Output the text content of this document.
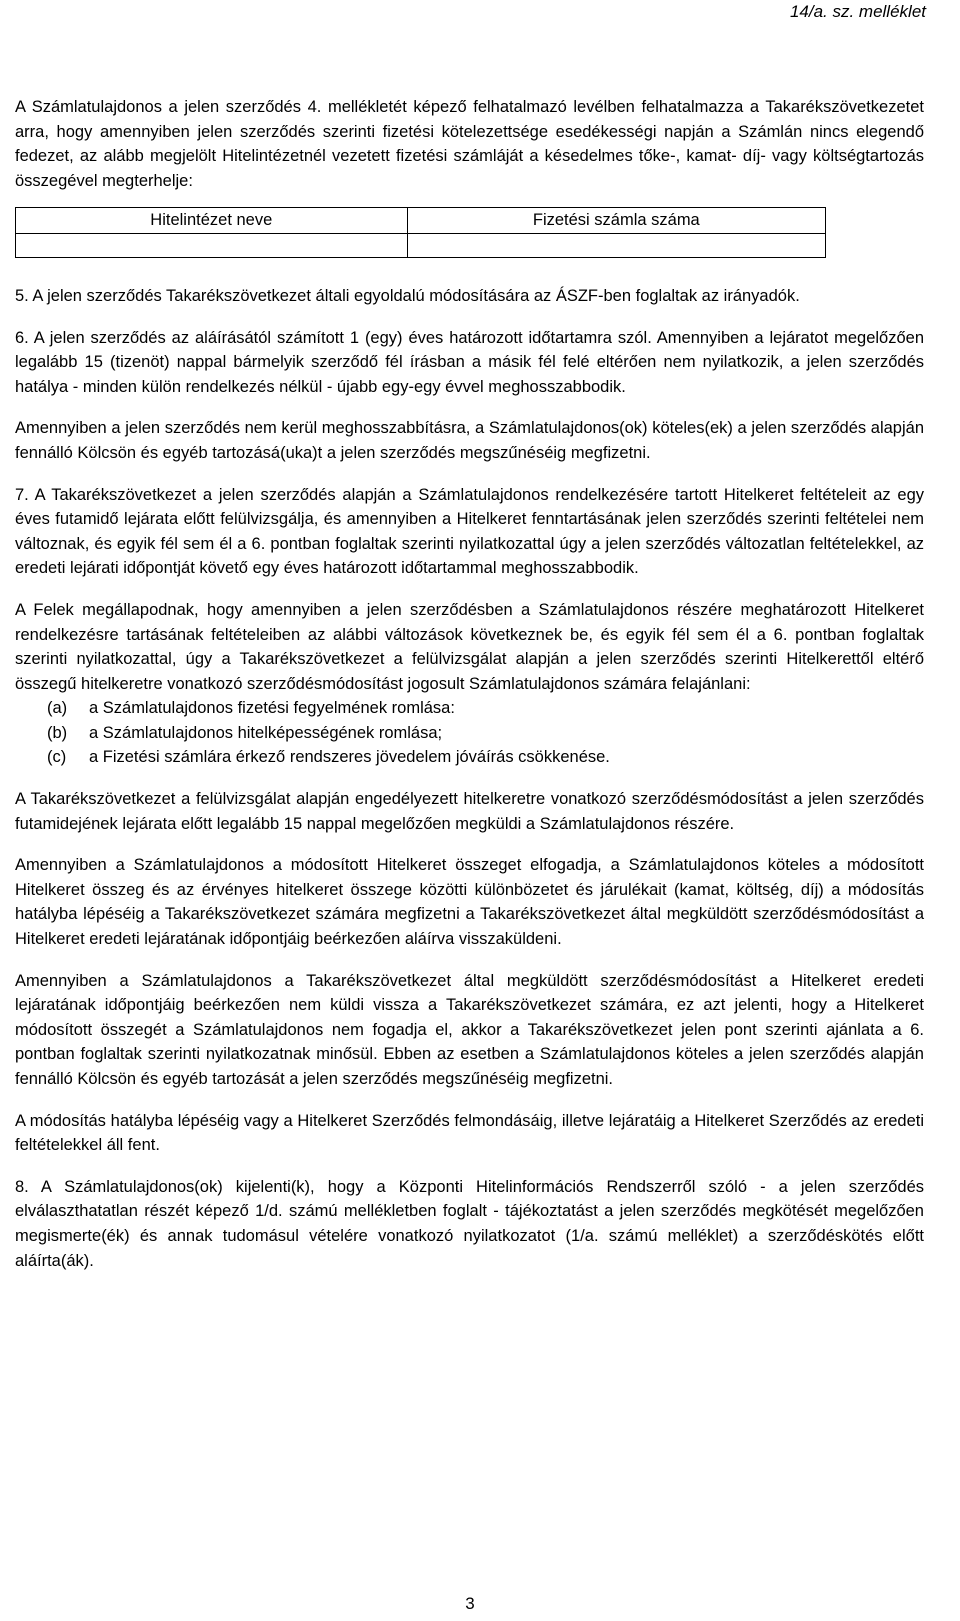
14/a. sz. melléklet

A Számlatulajdonos a jelen szerződés 4. mellékletét képező felhatalmazó levélben felhatalmazza a Takarékszövetkezetet arra, hogy amennyiben jelen szerződés szerinti fizetési kötelezettsége esedékességi napján a Számlán nincs elegendő fedezet, az alább megjelölt Hitelintézetnél vezetett fizetési számláját a késedelmes tőke-, kamat- díj- vagy költségtartozás összegével megterhelje:

Hitelintézet neve	Fizetési számla száma

5. A jelen szerződés Takarékszövetkezet általi egyoldalú módosítására az ÁSZF-ben foglaltak az irányadók.

6. A jelen szerződés az aláírásától számított 1 (egy) éves határozott időtartamra szól. Amennyiben a lejáratot megelőzően legalább 15 (tizenöt) nappal bármelyik szerződő fél írásban a másik fél felé eltérően nem nyilatkozik, a jelen szerződés hatálya - minden külön rendelkezés nélkül - újabb egy-egy évvel meghosszabbodik.

Amennyiben a jelen szerződés nem kerül meghosszabbításra, a Számlatulajdonos(ok) köteles(ek) a jelen szerződés alapján fennálló Kölcsön és egyéb tartozásá(uka)t a jelen szerződés megszűnéséig megfizetni.

7. A Takarékszövetkezet a jelen szerződés alapján a Számlatulajdonos rendelkezésére tartott Hitelkeret feltételeit az egy éves futamidő lejárata előtt felülvizsgálja, és amennyiben a Hitelkeret fenntartásának jelen szerződés szerinti feltételei nem változnak, és egyik fél sem él a 6. pontban foglaltak szerinti nyilatkozattal úgy a jelen szerződés változatlan feltételekkel, az eredeti lejárati időpontját követő egy éves határozott időtartammal meghosszabbodik.

A Felek megállapodnak, hogy amennyiben a jelen szerződésben a Számlatulajdonos részére meghatározott Hitelkeret rendelkezésre tartásának feltételeiben az alábbi változások következnek be, és egyik fél sem él a 6. pontban foglaltak szerinti nyilatkozattal, úgy a Takarékszövetkezet a felülvizsgálat alapján a jelen szerződés szerinti Hitelkerettől eltérő összegű hitelkeretre vonatkozó szerződésmódosítást jogosult Számlatulajdonos számára felajánlani:

(a) a Számlatulajdonos fizetési fegyelmének romlása:
(b) a Számlatulajdonos hitelképességének romlása;
(c) a Fizetési számlára érkező rendszeres jövedelem jóváírás csökkenése.

A Takarékszövetkezet a felülvizsgálat alapján engedélyezett hitelkeretre vonatkozó szerződésmódosítást a jelen szerződés futamidejének lejárata előtt legalább 15 nappal megelőzően megküldi a Számlatulajdonos részére.

Amennyiben a Számlatulajdonos a módosított Hitelkeret összeget elfogadja, a Számlatulajdonos köteles a módosított Hitelkeret összeg és az érvényes hitelkeret összege közötti különbözetet és járulékait (kamat, költség, díj) a módosítás hatályba lépéséig a Takarékszövetkezet számára megfizetni a Takarékszövetkezet által megküldött szerződésmódosítást a Hitelkeret eredeti lejáratának időpontjáig beérkezően aláírva visszaküldeni.

Amennyiben a Számlatulajdonos a Takarékszövetkezet által megküldött szerződésmódosítást a Hitelkeret eredeti lejáratának időpontjáig beérkezően nem küldi vissza a Takarékszövetkezet számára, ez azt jelenti, hogy a Hitelkeret módosított összegét a Számlatulajdonos nem fogadja el, akkor a Takarékszövetkezet jelen pont szerinti ajánlata a 6. pontban foglaltak szerinti nyilatkozatnak minősül. Ebben az esetben a Számlatulajdonos köteles a jelen szerződés alapján fennálló Kölcsön és egyéb tartozását a jelen szerződés megszűnéséig megfizetni.

A módosítás hatályba lépéséig vagy a Hitelkeret Szerződés felmondásáig, illetve lejáratáig a Hitelkeret Szerződés az eredeti feltételekkel áll fent.

8. A Számlatulajdonos(ok) kijelenti(k), hogy a Központi Hitelinformációs Rendszerről szóló - a jelen szerződés elválaszthatatlan részét képező 1/d. számú mellékletben foglalt - tájékoztatást a jelen szerződés megkötését megelőzően megismerte(ék) és annak tudomásul vételére vonatkozó nyilatkozatot (1/a. számú melléklet) a szerződéskötés előtt aláírta(ák).

3
